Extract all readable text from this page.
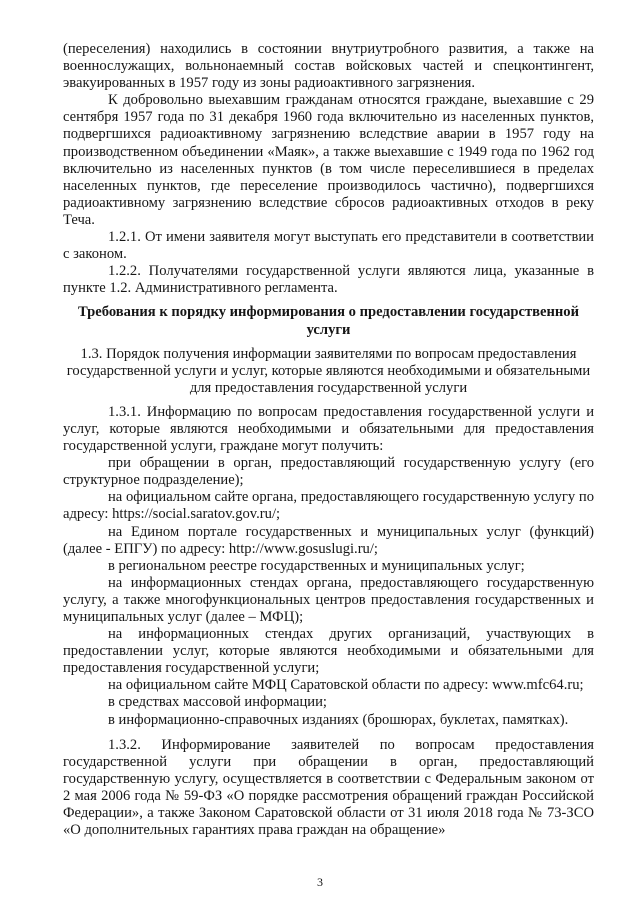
(переселения) находились в состоянии внутриутробного развития, а также на военнослужащих, вольнонаемный состав войсковых частей и спецконтингент, эвакуированных в 1957 году из зоны радиоактивного загрязнения.

К добровольно выехавшим гражданам относятся граждане, выехавшие с 29 сентября 1957 года по 31 декабря 1960 года включительно из населенных пунктов, подвергшихся радиоактивному загрязнению вследствие аварии в 1957 году на производственном объединении «Маяк», а также выехавшие с 1949 года по 1962 год включительно из населенных пунктов (в том числе переселившиеся в пределах населенных пунктов, где переселение производилось частично), подвергшихся радиоактивному загрязнению вследствие сбросов радиоактивных отходов в реку Теча.

1.2.1. От имени заявителя могут выступать его представители в соответствии с законом.

1.2.2. Получателями государственной услуги являются лица, указанные в пункте 1.2. Административного регламента.

Требования к порядку информирования о предоставлении государственной услуги

1.3. Порядок получения информации заявителями по вопросам предоставления государственной услуги и услуг, которые являются необходимыми и обязательными для предоставления государственной услуги

1.3.1. Информацию по вопросам предоставления государственной услуги и услуг, которые являются необходимыми и обязательными для предоставления государственной услуги, граждане могут получить:

при обращении в орган, предоставляющий государственную услугу (его структурное подразделение);

на официальном сайте органа, предоставляющего государственную услугу по адресу: https://social.saratov.gov.ru/;

на Едином портале государственных и муниципальных услуг (функций) (далее - ЕПГУ) по адресу: http://www.gosuslugi.ru/;

в региональном реестре государственных и муниципальных услуг;

на информационных стендах органа, предоставляющего государственную услугу, а также многофункциональных центров предоставления государственных и муниципальных услуг (далее – МФЦ);

на информационных стендах других организаций, участвующих в предоставлении услуг, которые являются необходимыми и обязательными для предоставления государственной услуги;

на официальном сайте МФЦ Саратовской области по адресу: www.mfc64.ru;

в средствах массовой информации;

в информационно-справочных изданиях (брошюрах, буклетах, памятках).

1.3.2. Информирование заявителей по вопросам предоставления государственной услуги при обращении в орган, предоставляющий государственную услугу, осуществляется в соответствии с Федеральным законом от 2 мая 2006 года № 59-ФЗ «О порядке рассмотрения обращений граждан Российской Федерации», а также Законом Саратовской области от 31 июля 2018 года № 73-ЗСО «О дополнительных гарантиях права граждан на обращение»

3
